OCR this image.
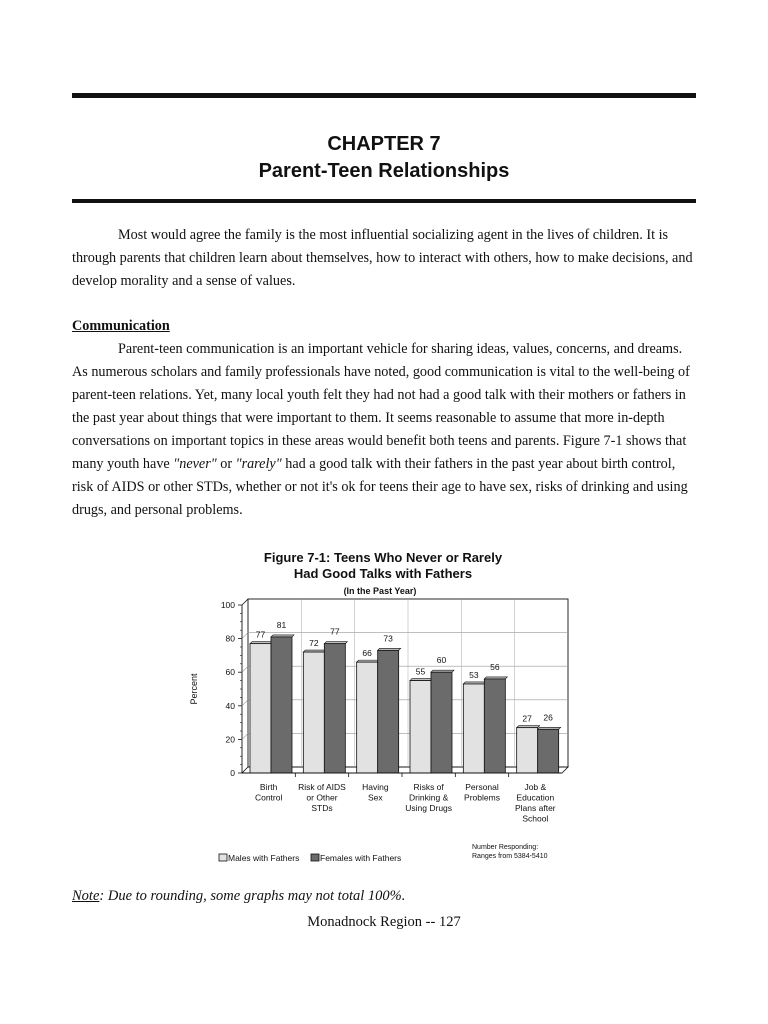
CHAPTER 7
Parent-Teen Relationships

Most would agree the family is the most influential socializing agent in the lives of children. It is through parents that children learn about themselves, how to interact with others, how to make decisions, and develop morality and a sense of values.

Communication

Parent-teen communication is an important vehicle for sharing ideas, values, concerns, and dreams. As numerous scholars and family professionals have noted, good communication is vital to the well-being of parent-teen relations. Yet, many local youth felt they had not had a good talk with their mothers or fathers in the past year about things that were important to them. It seems reasonable to assume that more in-depth conversations on important topics in these areas would benefit both teens and parents. Figure 7-1 shows that many youth have "never" or "rarely" had a good talk with their fathers in the past year about birth control, risk of AIDS or other STDs, whether or not it's ok for teens their age to have sex, risks of drinking and using drugs, and personal problems.

Figure 7-1: Teens Who Never or Rarely
Had Good Talks with Fathers
(In the Past Year)
Percent
0
20
40
60
80
100
77
72
66
55	53
27
81
77
73
60
56
26
Birth
Control
Risk of AIDS
or Other
STDs
Having
Sex
Risks of
Drinking &
Using Drugs
Personal
Problems
Job &
Education
Plans after
School
Males with Fathers Females with Fathers
Number Responding:
Ranges from 5384-5410
Note: Due to rounding, some graphs may not total 100%.
Monadnock Region -- 127
